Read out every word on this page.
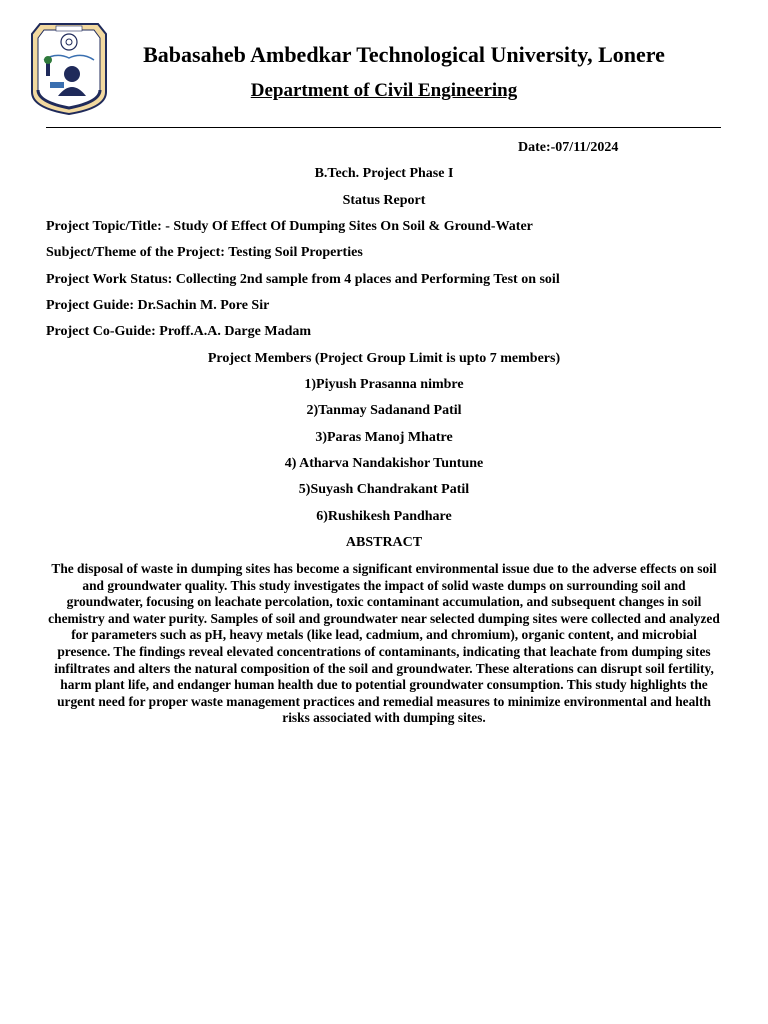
Babasaheb Ambedkar Technological University, Lonere
Department of Civil Engineering
Date:-07/11/2024
B.Tech. Project Phase I
Status Report
Project Topic/Title: - Study Of Effect Of Dumping Sites On Soil & Ground-Water
Subject/Theme of the Project: Testing Soil Properties
Project Work Status: Collecting 2nd sample from 4 places and Performing Test on soil
Project Guide: Dr.Sachin M. Pore Sir
Project Co-Guide: Proff.A.A. Darge Madam
Project Members (Project Group Limit is upto 7 members)
1)Piyush Prasanna nimbre
2)Tanmay Sadanand Patil
3)Paras Manoj Mhatre
4) Atharva Nandakishor Tuntune
5)Suyash Chandrakant Patil
6)Rushikesh Pandhare
ABSTRACT
The disposal of waste in dumping sites has become a significant environmental issue due to the adverse effects on soil and groundwater quality. This study investigates the impact of solid waste dumps on surrounding soil and groundwater, focusing on leachate percolation, toxic contaminant accumulation, and subsequent changes in soil chemistry and water purity. Samples of soil and groundwater near selected dumping sites were collected and analyzed for parameters such as pH, heavy metals (like lead, cadmium, and chromium), organic content, and microbial presence. The findings reveal elevated concentrations of contaminants, indicating that leachate from dumping sites infiltrates and alters the natural composition of the soil and groundwater. These alterations can disrupt soil fertility, harm plant life, and endanger human health due to potential groundwater consumption. This study highlights the urgent need for proper waste management practices and remedial measures to minimize environmental and health risks associated with dumping sites.
